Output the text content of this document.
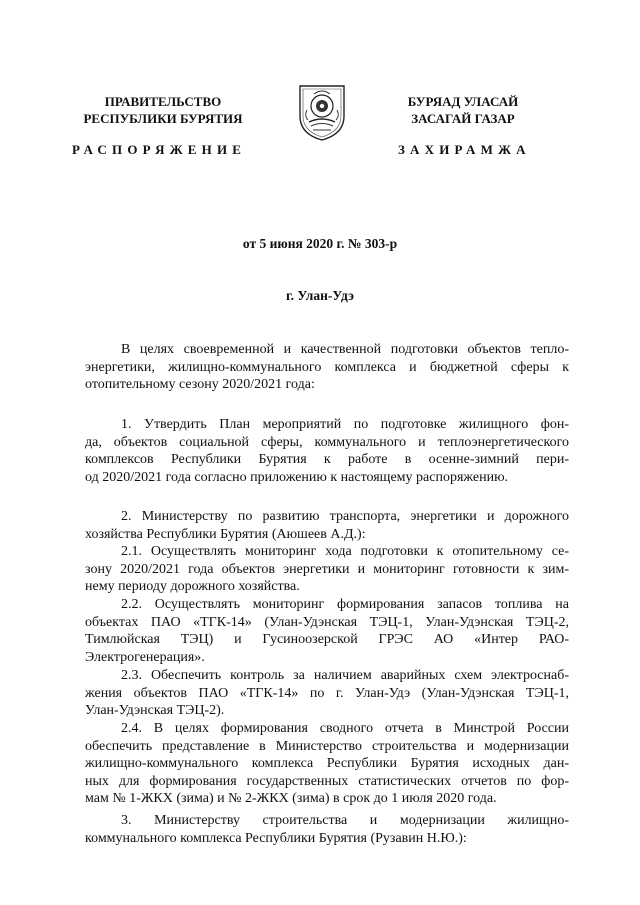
ПРАВИТЕЛЬСТВО
РЕСПУБЛИКИ БУРЯТИЯ
БУРЯАД УЛАСАЙ
ЗАСАГАЙ ГАЗАР
РАСПОРЯЖЕНИЕ	ЗАХИРАМЖА
от 5 июня 2020 г. № 303-р
г. Улан-Удэ
В целях своевременной и качественной подготовки объектов тепло-
энергетики, жилищно-коммунального комплекса и бюджетной сферы к
отопительному сезону 2020/2021 года:
1. Утвердить План мероприятий по подготовке жилищного фон-
да, объектов социальной сферы, коммунального и теплоэнергетического
комплексов Республики Бурятия к работе в осенне-зимний пери-
од 2020/2021 года согласно приложению к настоящему распоряжению.
2. Министерству по развитию транспорта, энергетики и дорожного
хозяйства Республики Бурятия (Аюшеев А.Д.):
2.1. Осуществлять мониторинг хода подготовки к отопительному се-
зону 2020/2021 года объектов энергетики и мониторинг готовности к зим-
нему периоду дорожного хозяйства.
2.2. Осуществлять мониторинг формирования запасов топлива на
объектах ПАО «ТГК-14» (Улан-Удэнская ТЭЦ-1, Улан-Удэнская ТЭЦ-2,
Тимлюйская ТЭЦ) и Гусиноозерской ГРЭС АО «Интер РАО-
Электрогенерация».
2.3. Обеспечить контроль за наличием аварийных схем электроснаб-
жения объектов ПАО «ТГК-14» по г. Улан-Удэ (Улан-Удэнская ТЭЦ-1,
Улан-Удэнская ТЭЦ-2).
2.4. В целях формирования сводного отчета в Минстрой России
обеспечить представление в Министерство строительства и модернизации
жилищно-коммунального комплекса Республики Бурятия исходных дан-
ных для формирования государственных статистических отчетов по фор-
мам № 1-ЖКХ (зима) и № 2-ЖКХ (зима) в срок до 1 июля 2020 года.
3. Министерству строительства и модернизации жилищно-
коммунального комплекса Республики Бурятия (Рузавин Н.Ю.):
